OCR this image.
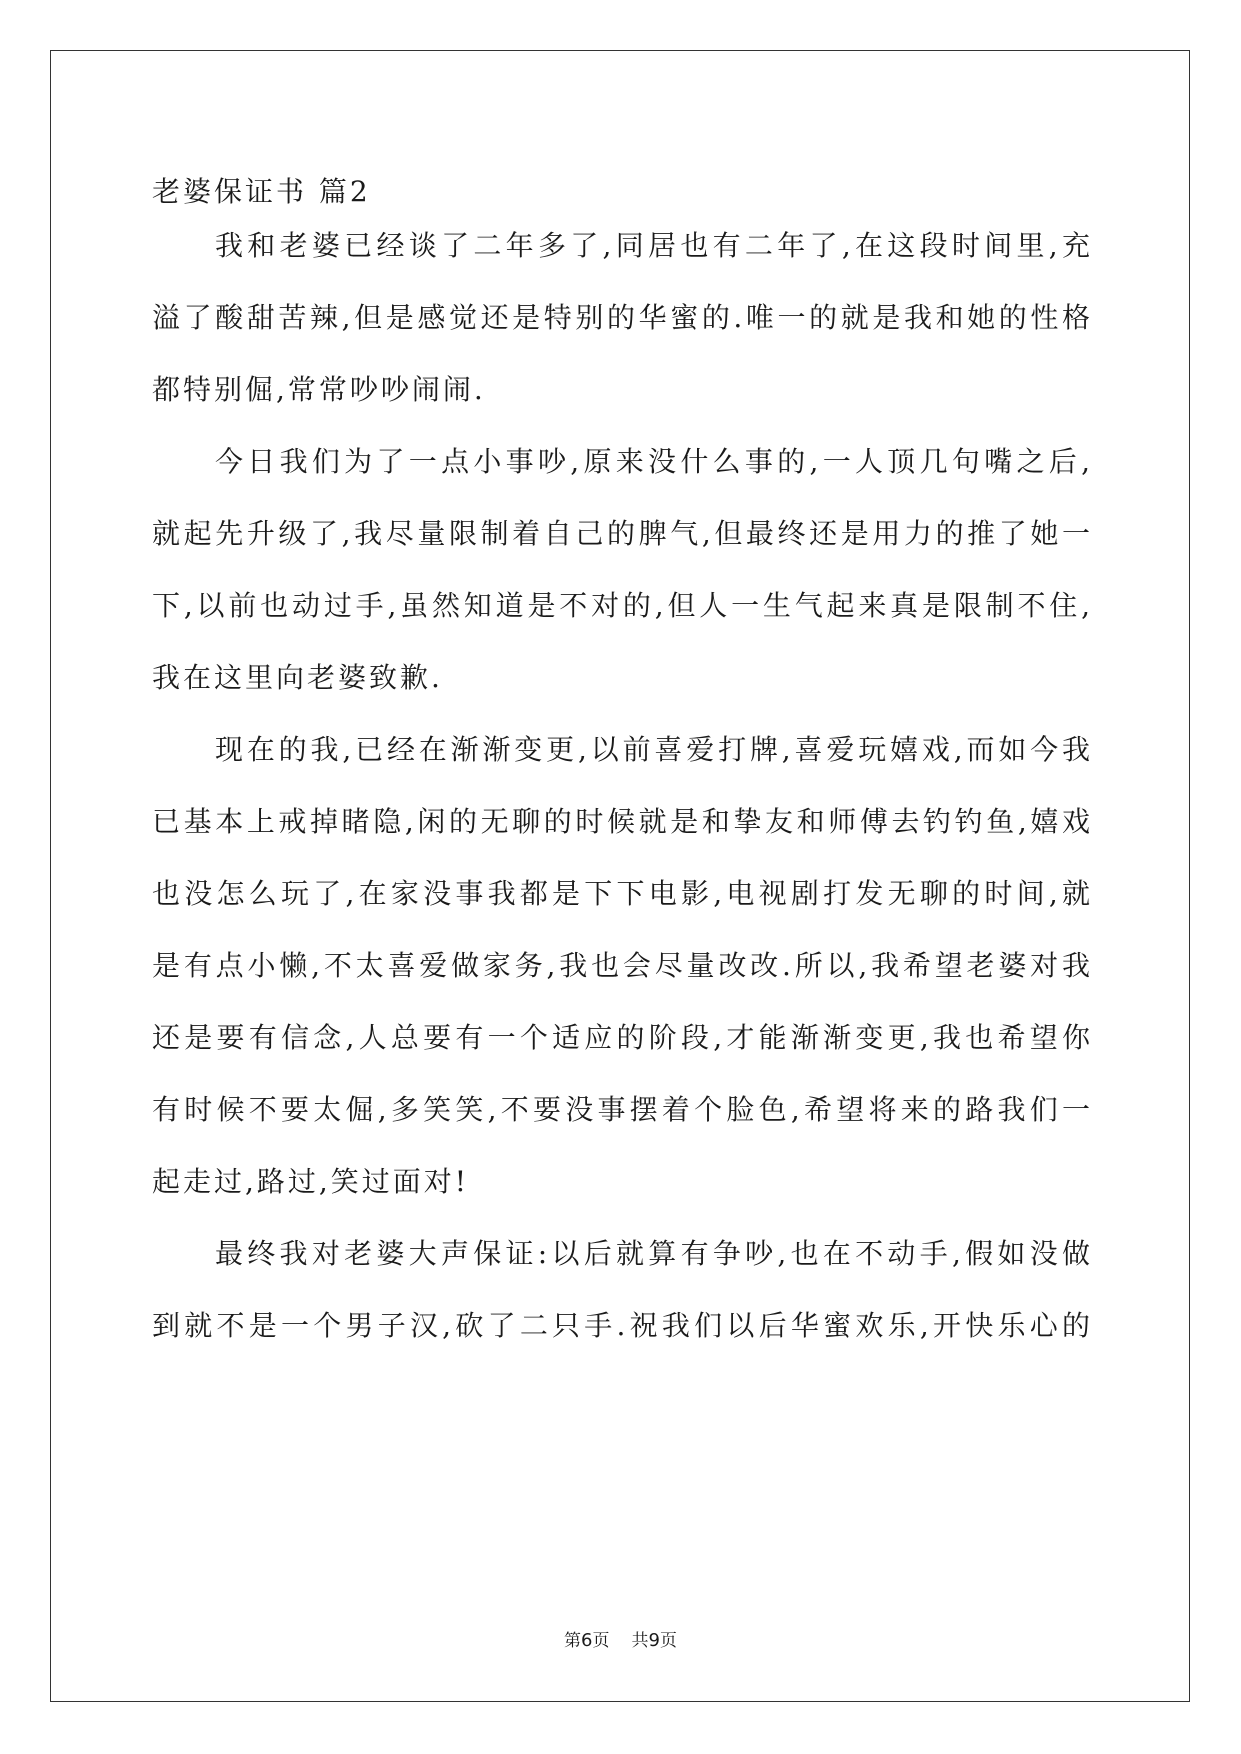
老婆保证书 篇2
我和老婆已经谈了二年多了,同居也有二年了,在这段时间里,充
溢了酸甜苦辣,但是感觉还是特别的华蜜的.唯一的就是我和她的性格
都特别倔,常常吵吵闹闹.
今日我们为了一点小事吵,原来没什么事的,一人顶几句嘴之后,
就起先升级了,我尽量限制着自己的脾气,但最终还是用力的推了她一
下,以前也动过手,虽然知道是不对的,但人一生气起来真是限制不住,
我在这里向老婆致歉.
现在的我,已经在渐渐变更,以前喜爱打牌,喜爱玩嬉戏,而如今我
已基本上戒掉睹隐,闲的无聊的时候就是和挚友和师傅去钓钓鱼,嬉戏
也没怎么玩了,在家没事我都是下下电影,电视剧打发无聊的时间,就
是有点小懒,不太喜爱做家务,我也会尽量改改.所以,我希望老婆对我
还是要有信念,人总要有一个适应的阶段,才能渐渐变更,我也希望你
有时候不要太倔,多笑笑,不要没事摆着个脸色,希望将来的路我们一
起走过,路过,笑过面对!
最终我对老婆大声保证:以后就算有争吵,也在不动手,假如没做
到就不是一个男子汉,砍了二只手.祝我们以后华蜜欢乐,开快乐心的
第6页 共9页
